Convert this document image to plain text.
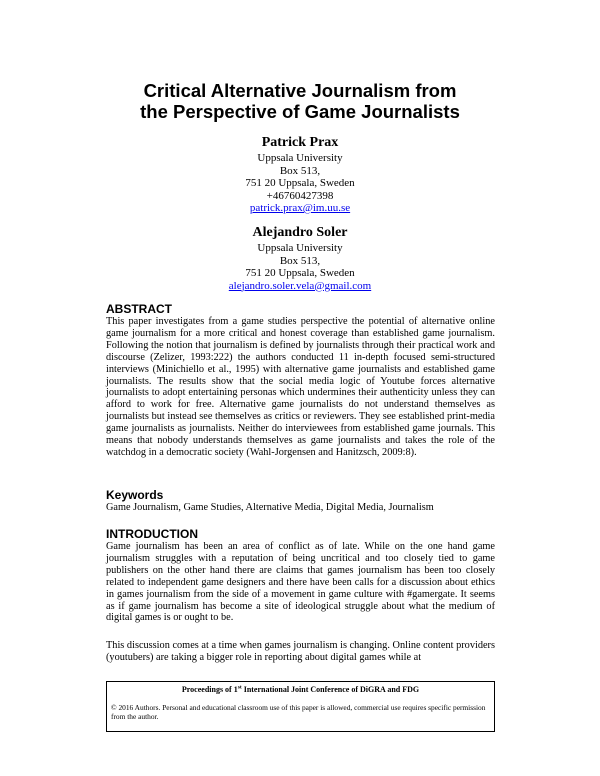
Critical Alternative Journalism from
the Perspective of Game Journalists
Patrick Prax
Uppsala University
Box 513,
751 20 Uppsala, Sweden
+46760427398
patrick.prax@im.uu.se
Alejandro Soler
Uppsala University
Box 513,
751 20 Uppsala, Sweden
alejandro.soler.vela@gmail.com
ABSTRACT
This paper investigates from a game studies perspective the potential of alternative online game journalism for a more critical and honest coverage than established game journalism. Following the notion that journalism is defined by journalists through their practical work and discourse (Zelizer, 1993:222) the authors conducted 11 in-depth focused semi-structured interviews (Minichiello et al., 1995) with alternative game journalists and established game journalists. The results show that the social media logic of Youtube forces alternative journalists to adopt entertaining personas which undermines their authenticity unless they can afford to work for free. Alternative game journalists do not understand themselves as journalists but instead see themselves as critics or reviewers. They see established print-media game journalists as journalists. Neither do interviewees from established game journals. This means that nobody understands themselves as game journalists and takes the role of the watchdog in a democratic society (Wahl-Jorgensen and Hanitzsch, 2009:8).
Keywords
Game Journalism, Game Studies, Alternative Media, Digital Media, Journalism
INTRODUCTION
Game journalism has been an area of conflict as of late. While on the one hand game journalism struggles with a reputation of being uncritical and too closely tied to game publishers on the other hand there are claims that games journalism has been too closely related to independent game designers and there have been calls for a discussion about ethics in games journalism from the side of a movement in game culture with #gamergate. It seems as if game journalism has become a site of ideological struggle about what the medium of digital games is or ought to be.
This discussion comes at a time when games journalism is changing. Online content providers (youtubers) are taking a bigger role in reporting about digital games while at
Proceedings of 1st International Joint Conference of DiGRA and FDG
© 2016 Authors. Personal and educational classroom use of this paper is allowed, commercial use requires specific permission from the author.
